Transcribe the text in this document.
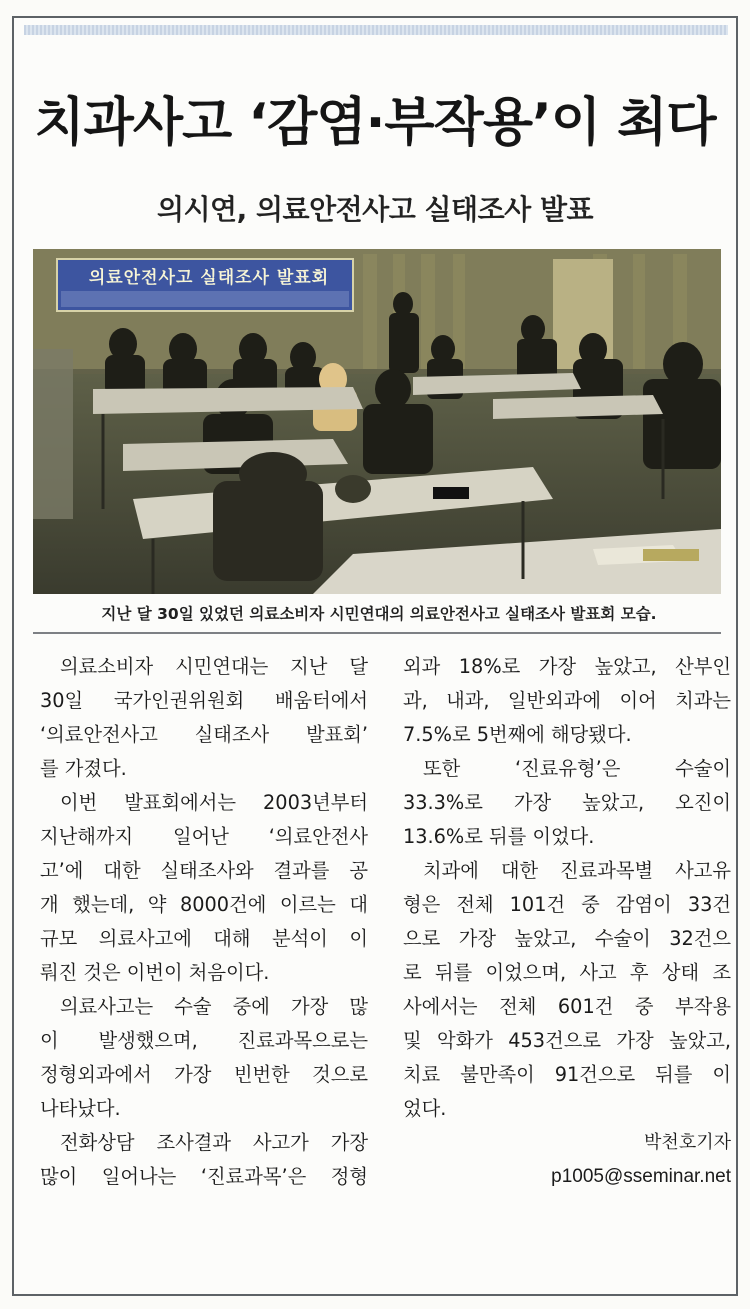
치과사고 ‘감염·부작용’이 최다
의시연, 의료안전사고 실태조사 발표
의료안전사고 실태조사 발표회
지난 달 30일 있었던 의료소비자 시민연대의 의료안전사고 실태조사 발표회 모습.

의료소비자 시민연대는 지난 달
30일 국가인권위원회 배움터에서
‘의료안전사고 실태조사 발표회’
를 가졌다.

이번 발표회에서는 2003년부터
지난해까지 일어난 ‘의료안전사
고’에 대한 실태조사와 결과를 공
개 했는데, 약 8000건에 이르는 대
규모 의료사고에 대해 분석이 이
뤄진 것은 이번이 처음이다.

의료사고는 수술 중에 가장 많
이 발생했으며, 진료과목으로는
정형외과에서 가장 빈번한 것으로
나타났다.

전화상담 조사결과 사고가 가장
많이 일어나는 ‘진료과목’은 정형

외과 18%로 가장 높았고, 산부인
과, 내과, 일반외과에 이어 치과는
7.5%로 5번째에 해당됐다.

또한 ‘진료유형’은 수술이
33.3%로 가장 높았고, 오진이
13.6%로 뒤를 이었다.

치과에 대한 진료과목별 사고유
형은 전체 101건 중 감염이 33건
으로 가장 높았고, 수술이 32건으
로 뒤를 이었으며, 사고 후 상태 조
사에서는 전체 601건 중 부작용
및 악화가 453건으로 가장 높았고,
치료 불만족이 91건으로 뒤를 이
었다.

박천호기자
p1005@sseminar.net
